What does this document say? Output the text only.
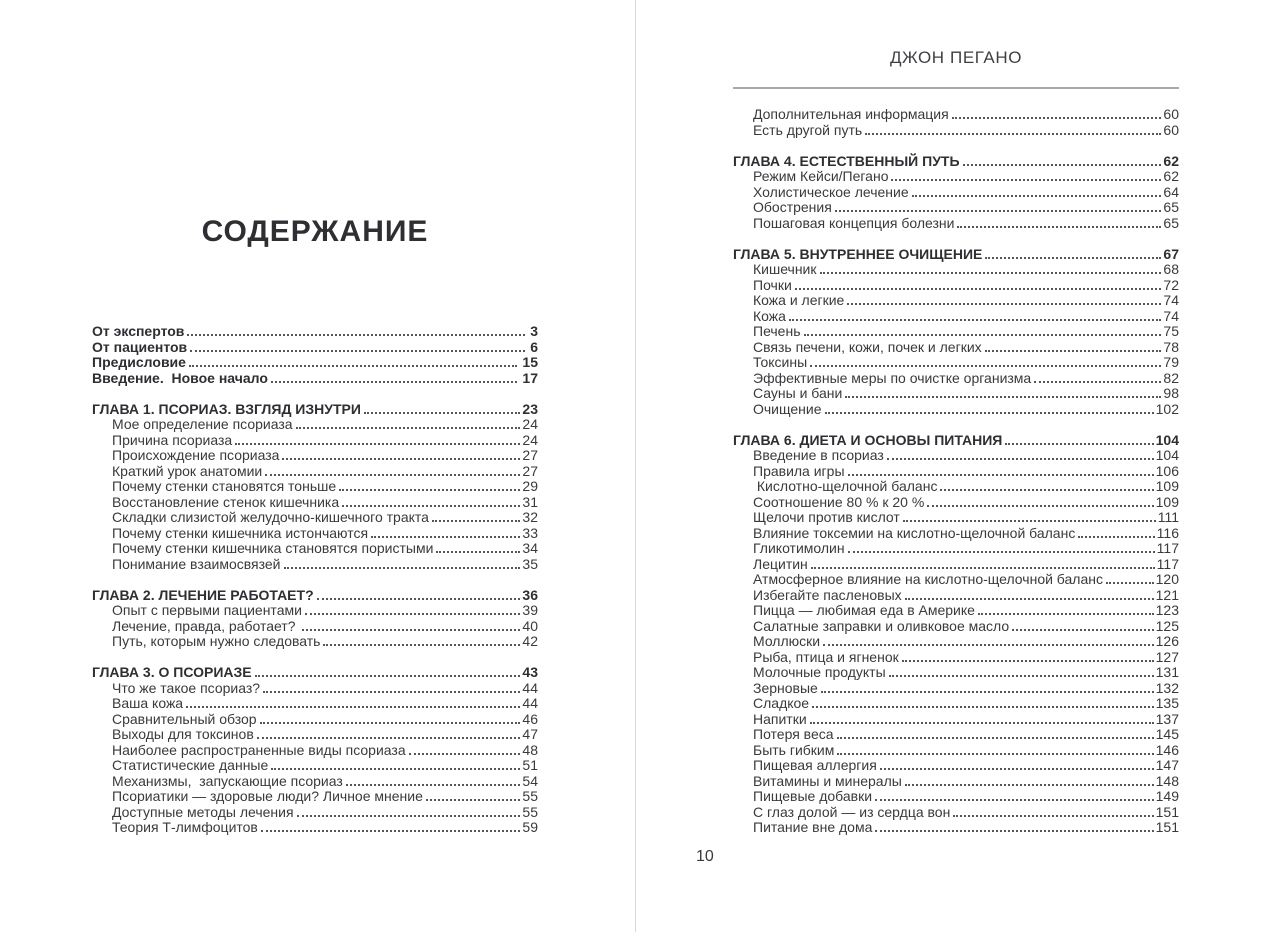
СОДЕРЖАНИЕ
От экспертов	3
От пациентов	6
Предисловие	15
Введение.  Новое начало	17
ГЛАВА 1. ПСОРИАЗ. ВЗГЛЯД ИЗНУТРИ	23
Мое определение псориаза	24
Причина псориаза	24
Происхождение псориаза	27
Краткий урок анатомии	27
Почему стенки становятся тоньше	29
Восстановление стенок кишечника	31
Складки слизистой желудочно-кишечного тракта	32
Почему стенки кишечника истончаются	33
Почему стенки кишечника становятся пористыми	34
Понимание взаимосвязей	35
ГЛАВА 2. ЛЕЧЕНИЕ РАБОТАЕТ?	36
Опыт с первыми пациентами	39
Лечение, правда, работает?	40
Путь, которым нужно следовать	42
ГЛАВА 3. О ПСОРИАЗЕ	43
Что же такое псориаз?	44
Ваша кожа	44
Сравнительный обзор	46
Выходы для токсинов	47
Наиболее распространенные виды псориаза	48
Статистические данные	51
Механизмы,  запускающие псориаз	54
Псориатики — здоровые люди? Личное мнение	55
Доступные методы лечения	55
Теория Т-лимфоцитов	59
ДЖОН ПЕГАНО
Дополнительная информация	60
Есть другой путь	60
ГЛАВА 4. ЕСТЕСТВЕННЫЙ ПУТЬ	62
Режим Кейси/Пегано	62
Холистическое лечение	64
Обострения	65
Пошаговая концепция болезни	65
ГЛАВА 5. ВНУТРЕННЕЕ ОЧИЩЕНИЕ	67
Кишечник	68
Почки	72
Кожа и легкие	74
Кожа	74
Печень	75
Связь печени, кожи, почек и легких	78
Токсины	79
Эффективные меры по очистке организма	82
Сауны и бани	98
Очищение	102
ГЛАВА 6. ДИЕТА И ОСНОВЫ ПИТАНИЯ	104
Введение в псориаз	104
Правила игры	106
Кислотно-щелочной баланс	109
Соотношение 80 % к 20 %	109
Щелочи против кислот	111
Влияние токсемии на кислотно-щелочной баланс	116
Гликотимолин	117
Лецитин	117
Атмосферное влияние на кислотно-щелочной баланс	120
Избегайте пасленовых	121
Пицца — любимая еда в Америке	123
Салатные заправки и оливковое масло	125
Моллюски	126
Рыба, птица и ягненок	127
Молочные продукты	131
Зерновые	132
Сладкое	135
Напитки	137
Потеря веса	145
Быть гибким	146
Пищевая аллергия	147
Витамины и минералы	148
Пищевые добавки	149
С глаз долой — из сердца вон	151
Питание вне дома	151
10
